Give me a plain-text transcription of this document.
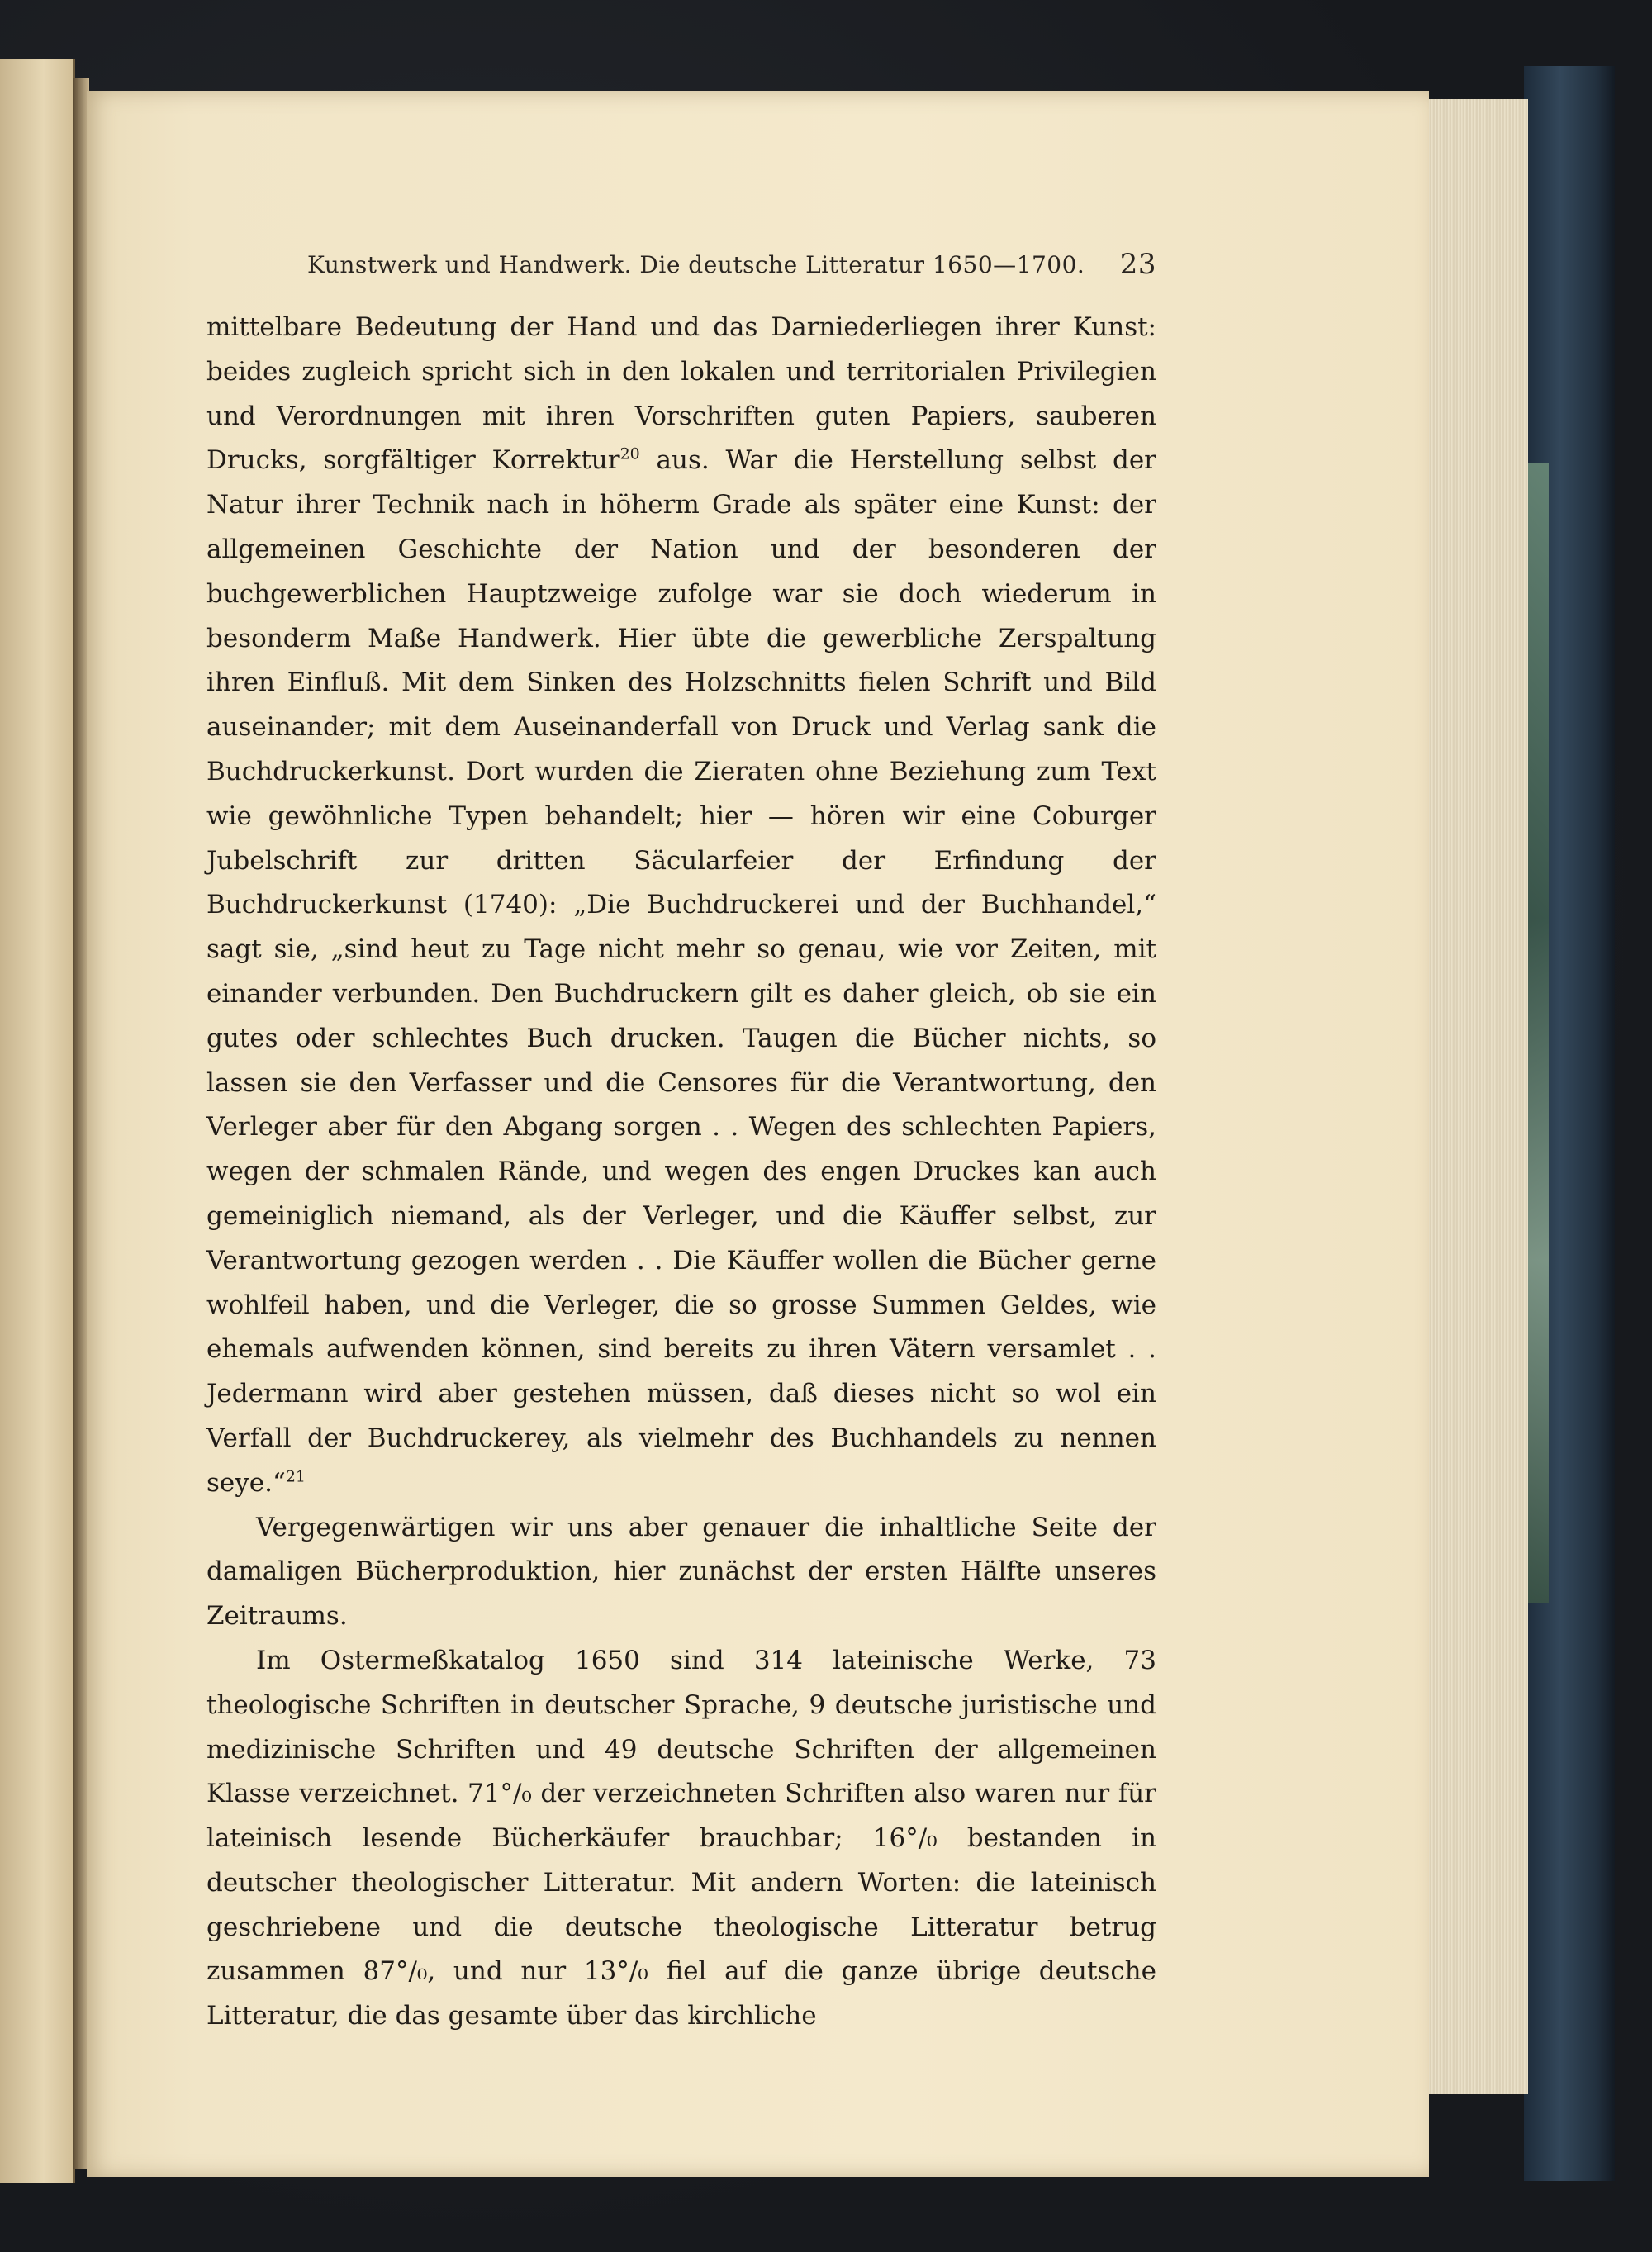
Kunstwerk und Handwerk. Die deutsche Litteratur 1650—1700. 23

mittelbare Bedeutung der Hand und das Darniederliegen ihrer Kunst: beides zugleich spricht sich in den lokalen und territorialen Privilegien und Verordnungen mit ihren Vorschriften guten Papiers, sauberen Drucks, sorgfältiger Korrektur$^{20}$ aus. War die Herstellung selbst der Natur ihrer Technik nach in höherm Grade als später eine Kunst: der allgemeinen Geschichte der Nation und der besonderen der buchgewerblichen Hauptzweige zufolge war sie doch wiederum in besonderm Maße Handwerk. Hier übte die gewerbliche Zerspaltung ihren Einfluß. Mit dem Sinken des Holzschnitts fielen Schrift und Bild auseinander; mit dem Auseinanderfall von Druck und Verlag sank die Buchdruckerkunst. Dort wurden die Zieraten ohne Beziehung zum Text wie gewöhnliche Typen behandelt; hier — hören wir eine Coburger Jubelschrift zur dritten Säcularfeier der Erfindung der Buchdruckerkunst (1740): „Die Buchdruckerei und der Buchhandel,“ sagt sie, „sind heut zu Tage nicht mehr so genau, wie vor Zeiten, mit einander verbunden. Den Buchdruckern gilt es daher gleich, ob sie ein gutes oder schlechtes Buch drucken. Taugen die Bücher nichts, so lassen sie den Verfasser und die Censores für die Verantwortung, den Verleger aber für den Abgang sorgen . . Wegen des schlechten Papiers, wegen der schmalen Rände, und wegen des engen Druckes kan auch gemeiniglich niemand, als der Verleger, und die Käuffer selbst, zur Verantwortung gezogen werden . . Die Käuffer wollen die Bücher gerne wohlfeil haben, und die Verleger, die so grosse Summen Geldes, wie ehemals aufwenden können, sind bereits zu ihren Vätern versamlet . . Jedermann wird aber gestehen müssen, daß dieses nicht so wol ein Verfall der Buchdruckerey, als vielmehr des Buchhandels zu nennen seye.“$^{21}$

Vergegenwärtigen wir uns aber genauer die inhaltliche Seite der damaligen Bücherproduktion, hier zunächst der ersten Hälfte unseres Zeitraums.

Im Ostermeßkatalog 1650 sind 314 lateinische Werke, 73 theologische Schriften in deutscher Sprache, 9 deutsche juristische und medizinische Schriften und 49 deutsche Schriften der allgemeinen Klasse verzeichnet. 71°/₀ der verzeichneten Schriften also waren nur für lateinisch lesende Bücherkäufer brauchbar; 16°/₀ bestanden in deutscher theologischer Litteratur. Mit andern Worten: die lateinisch geschriebene und die deutsche theologische Litteratur betrug zusammen 87°/₀, und nur 13°/₀ fiel auf die ganze übrige deutsche Litteratur, die das gesamte über das kirchliche
